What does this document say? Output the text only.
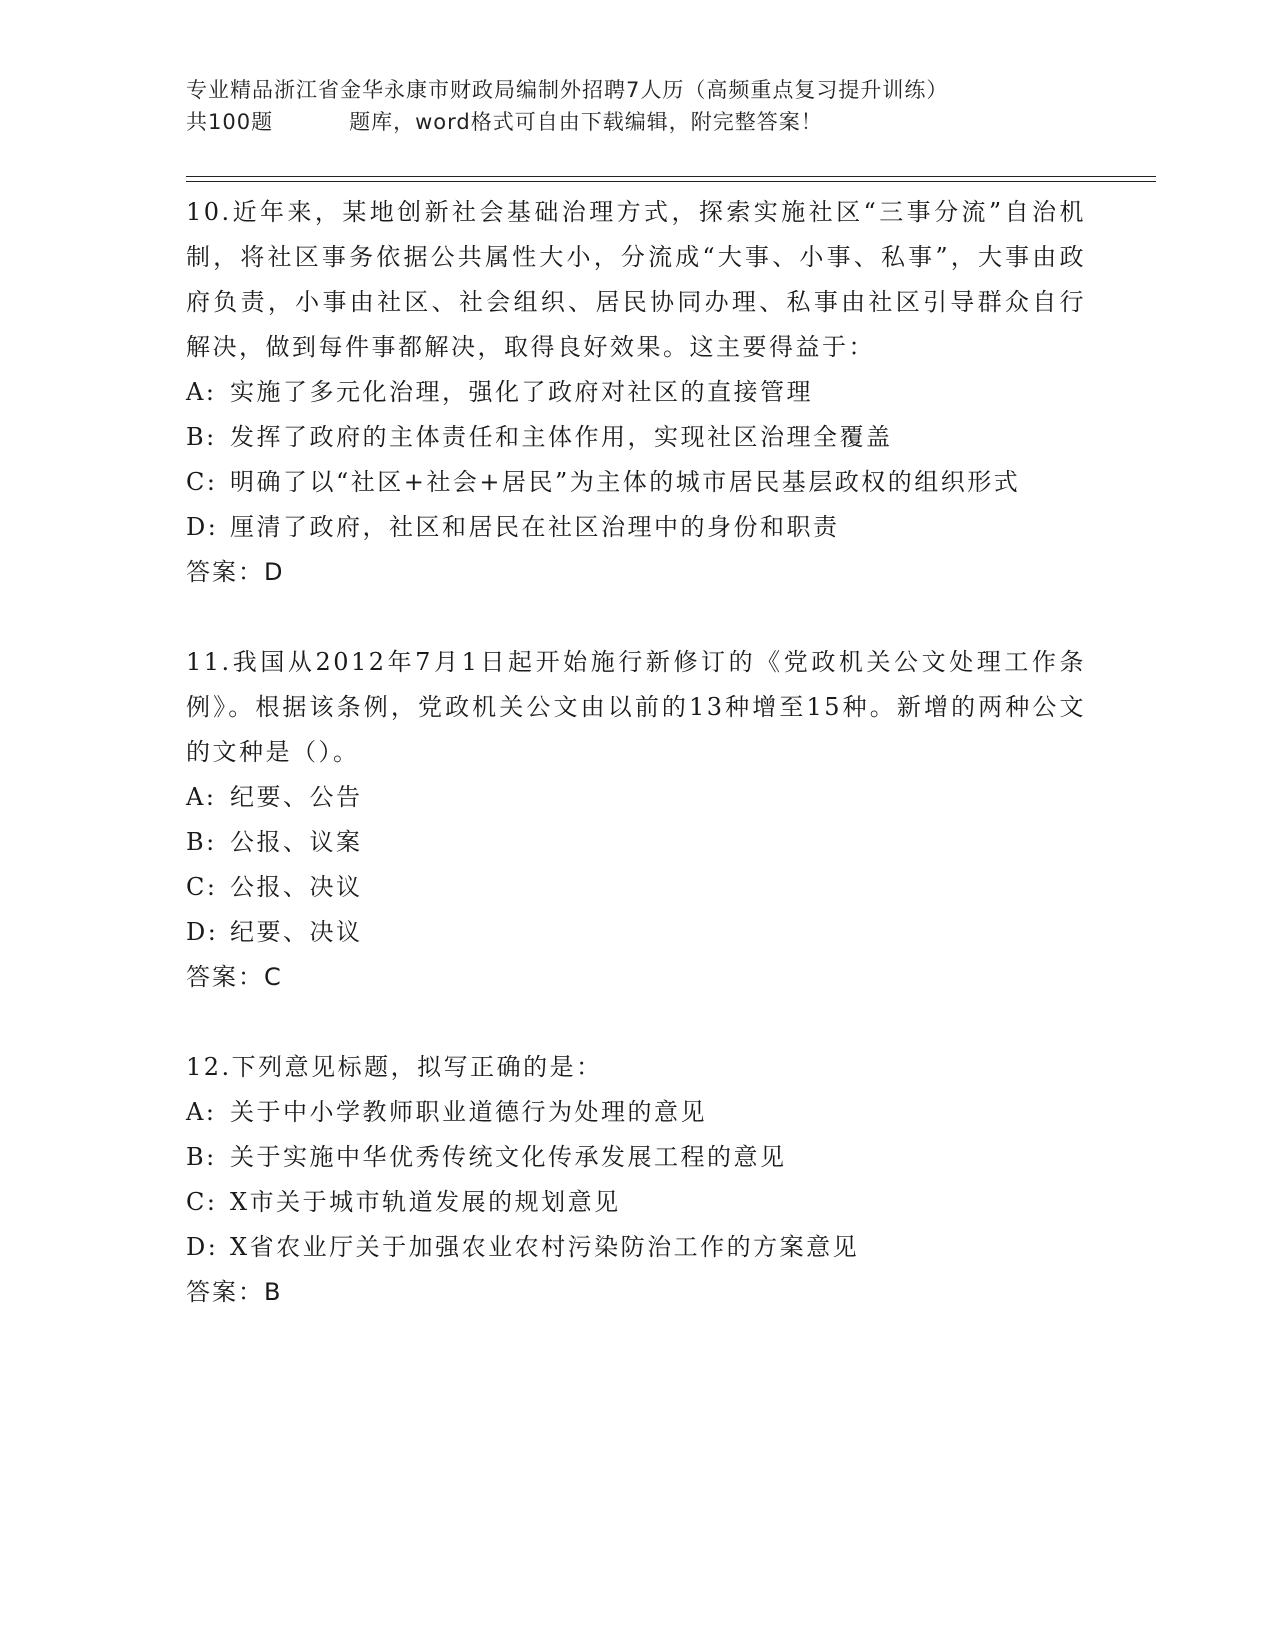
专业精品浙江省金华永康市财政局编制外招聘7人历（高频重点复习提升训练）
共100题	题库，word格式可自由下载编辑，附完整答案！

10.近年来，某地创新社会基础治理方式，探索实施社区“三事分流”自治机制，将社区事务依据公共属性大小，分流成“大事、小事、私事”，大事由政府负责，小事由社区、社会组织、居民协同办理、私事由社区引导群众自行解决，做到每件事都解决，取得良好效果。这主要得益于：

A: 实施了多元化治理，强化了政府对社区的直接管理

B: 发挥了政府的主体责任和主体作用，实现社区治理全覆盖

C: 明确了以“社区+社会+居民”为主体的城市居民基层政权的组织形式

D: 厘清了政府，社区和居民在社区治理中的身份和职责

答案：D

11.我国从2012年7月1日起开始施行新修订的《党政机关公文处理工作条例》。根据该条例，党政机关公文由以前的13种增至15种。新增的两种公文的文种是（）。

A: 纪要、公告

B: 公报、议案

C: 公报、决议

D: 纪要、决议

答案：C

12.下列意见标题，拟写正确的是：

A: 关于中小学教师职业道德行为处理的意见

B: 关于实施中华优秀传统文化传承发展工程的意见

C: X市关于城市轨道发展的规划意见

D: X省农业厅关于加强农业农村污染防治工作的方案意见

答案：B
